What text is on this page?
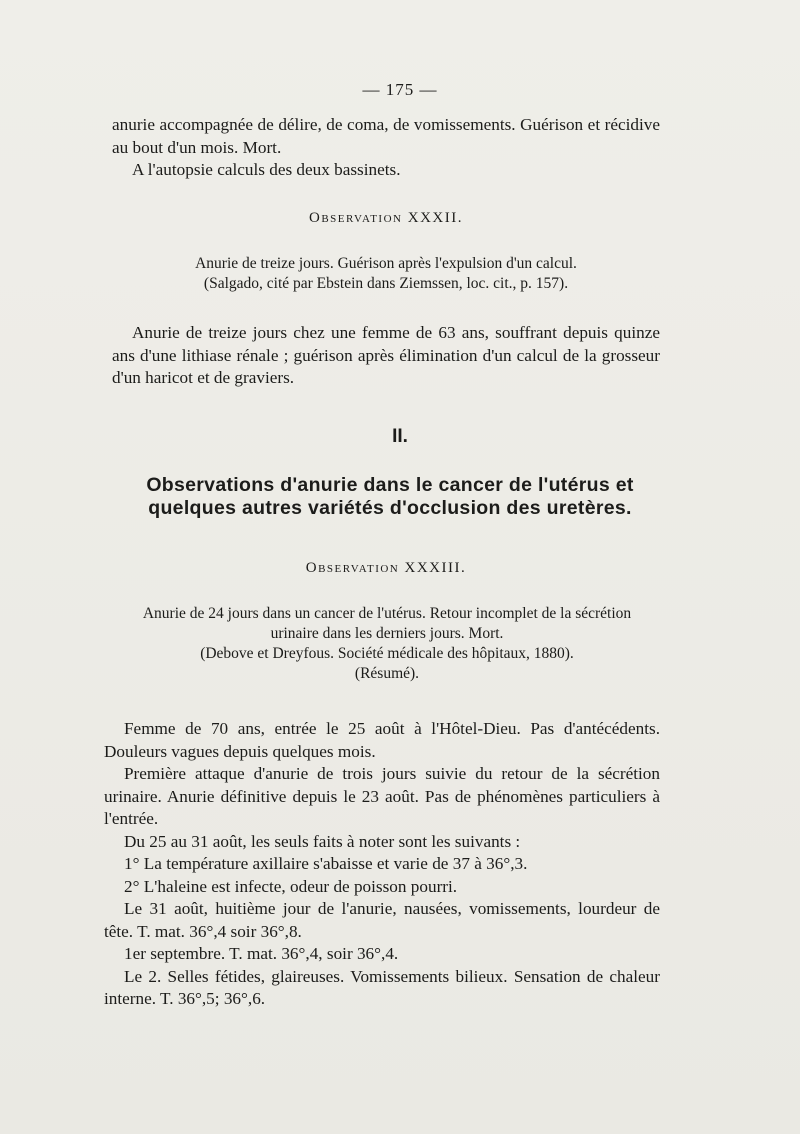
— 175 —

anurie accompagnée de délire, de coma, de vomissements. Guérison et récidive au bout d'un mois. Mort.

A l'autopsie calculs des deux bassinets.

Observation XXXII.

Anurie de treize jours. Guérison après l'expulsion d'un calcul.

(Salgado, cité par Ebstein dans Ziemssen, loc. cit., p. 157).

Anurie de treize jours chez une femme de 63 ans, souffrant depuis quinze ans d'une lithiase rénale ; guérison après élimination d'un calcul de la grosseur d'un haricot et de graviers.

II.
Observations d'anurie dans le cancer de l'utérus et quelques autres variétés d'occlusion des uretères.

Observation XXXIII.

Anurie de 24 jours dans un cancer de l'utérus. Retour incomplet de la sécrétion urinaire dans les derniers jours. Mort.

(Debove et Dreyfous. Société médicale des hôpitaux, 1880).

(Résumé).

Femme de 70 ans, entrée le 25 août à l'Hôtel-Dieu. Pas d'antécédents. Douleurs vagues depuis quelques mois.

Première attaque d'anurie de trois jours suivie du retour de la sécrétion urinaire. Anurie définitive depuis le 23 août. Pas de phénomènes particuliers à l'entrée.

Du 25 au 31 août, les seuls faits à noter sont les suivants :

1° La température axillaire s'abaisse et varie de 37 à 36°,3.

2° L'haleine est infecte, odeur de poisson pourri.

Le 31 août, huitième jour de l'anurie, nausées, vomissements, lourdeur de tête. T. mat. 36°,4 soir 36°,8.

1er septembre. T. mat. 36°,4, soir 36°,4.

Le 2. Selles fétides, glaireuses. Vomissements bilieux. Sensation de chaleur interne. T. 36°,5; 36°,6.
